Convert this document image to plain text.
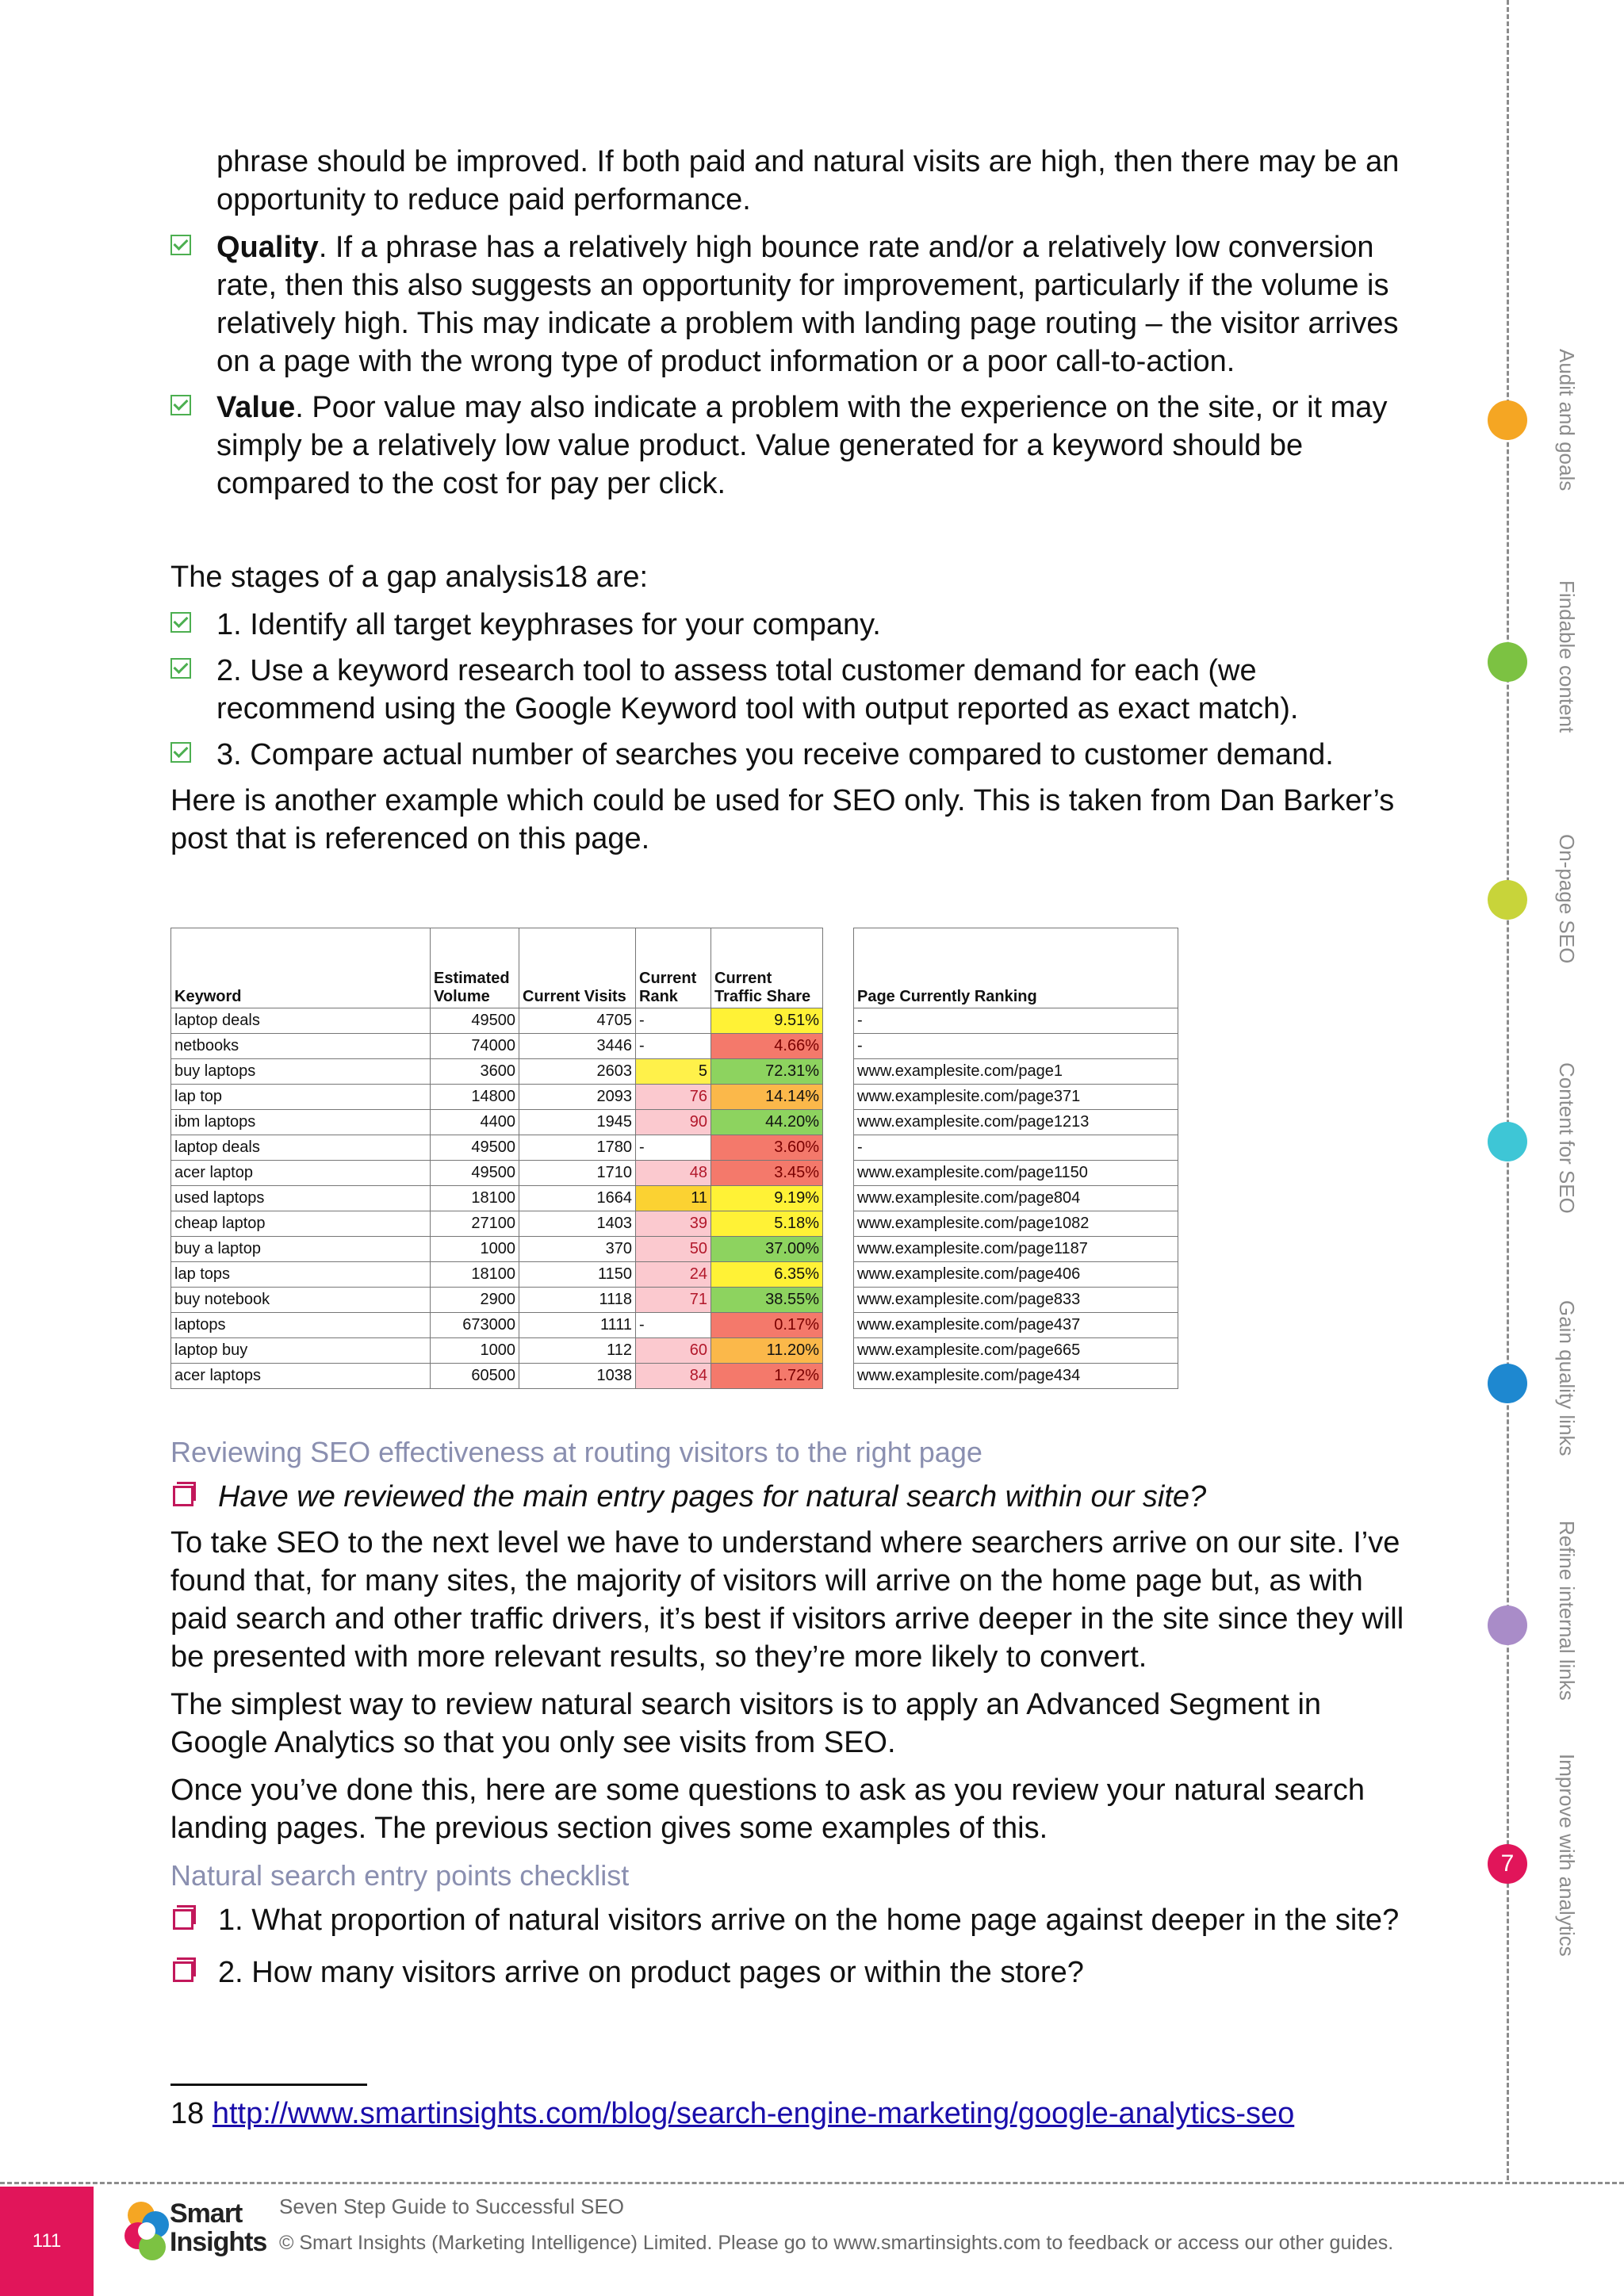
phrase should be improved. If both paid and natural visits are high, then there may be an opportunity to reduce paid performance.

Quality. If a phrase has a relatively high bounce rate and/or a relatively low conversion rate, then this also suggests an opportunity for improvement, particularly if the volume is relatively high. This may indicate a problem with landing page routing – the visitor arrives on a page with the wrong type of product information or a poor call-to-action.
Value. Poor value may also indicate a problem with the experience on the site, or it may simply be a relatively low value product. Value generated for a keyword should be compared to the cost for pay per click.

The stages of a gap analysis18 are:

1. Identify all target keyphrases for your company.
2. Use a keyword research tool to assess total customer demand for each (we recommend using the Google Keyword tool with output reported as exact match).
3. Compare actual number of searches you receive compared to customer demand.

Here is another example which could be used for SEO only. This is taken from Dan Barker’s post that is referenced on this page.

Keyword	Estimated Volume	Current Visits	Current Rank	Current Traffic Share		Page Currently Ranking
laptop deals	49500	4705	-	9.51%		-
netbooks	74000	3446	-	4.66%		-
buy laptops	3600	2603	5	72.31%		www.examplesite.com/page1
lap top	14800	2093	76	14.14%		www.examplesite.com/page371
ibm laptops	4400	1945	90	44.20%		www.examplesite.com/page1213
laptop deals	49500	1780	-	3.60%		-
acer laptop	49500	1710	48	3.45%		www.examplesite.com/page1150
used laptops	18100	1664	11	9.19%		www.examplesite.com/page804
cheap laptop	27100	1403	39	5.18%		www.examplesite.com/page1082
buy a laptop	1000	370	50	37.00%		www.examplesite.com/page1187
lap tops	18100	1150	24	6.35%		www.examplesite.com/page406
buy notebook	2900	1118	71	38.55%		www.examplesite.com/page833
laptops	673000	1111	-	0.17%		www.examplesite.com/page437
laptop buy	1000	112	60	11.20%		www.examplesite.com/page665
acer laptops	60500	1038	84	1.72%		www.examplesite.com/page434

Reviewing SEO effectiveness at routing visitors to the right page

Have we reviewed the main entry pages for natural search within our site?

To take SEO to the next level we have to understand where searchers arrive on our site. I’ve found that, for many sites, the majority of visitors will arrive on the home page but, as with paid search and other traffic drivers, it’s best if visitors arrive deeper in the site since they will be presented with more relevant results, so they’re more likely to convert.

The simplest way to review natural search visitors is to apply an Advanced Segment in Google Analytics so that you only see visits from SEO.

Once you’ve done this, here are some questions to ask as you review your natural search landing pages. The previous section gives some examples of this.

Natural search entry points checklist

1. What proportion of natural visitors arrive on the home page against deeper in the site?
2. How many visitors arrive on product pages or within the store?
18 http://www.smartinsights.com/blog/search-engine-marketing/google-analytics-seo
7
Audit and goals
Findable content
On-page SEO
Content for SEO
Gain quality links
Refine internal links
Improve with analytics
111
Smart
Insights
Seven Step Guide to Successful SEO
© Smart Insights (Marketing Intelligence) Limited. Please go to www.smartinsights.com to feedback or access our other guides.
